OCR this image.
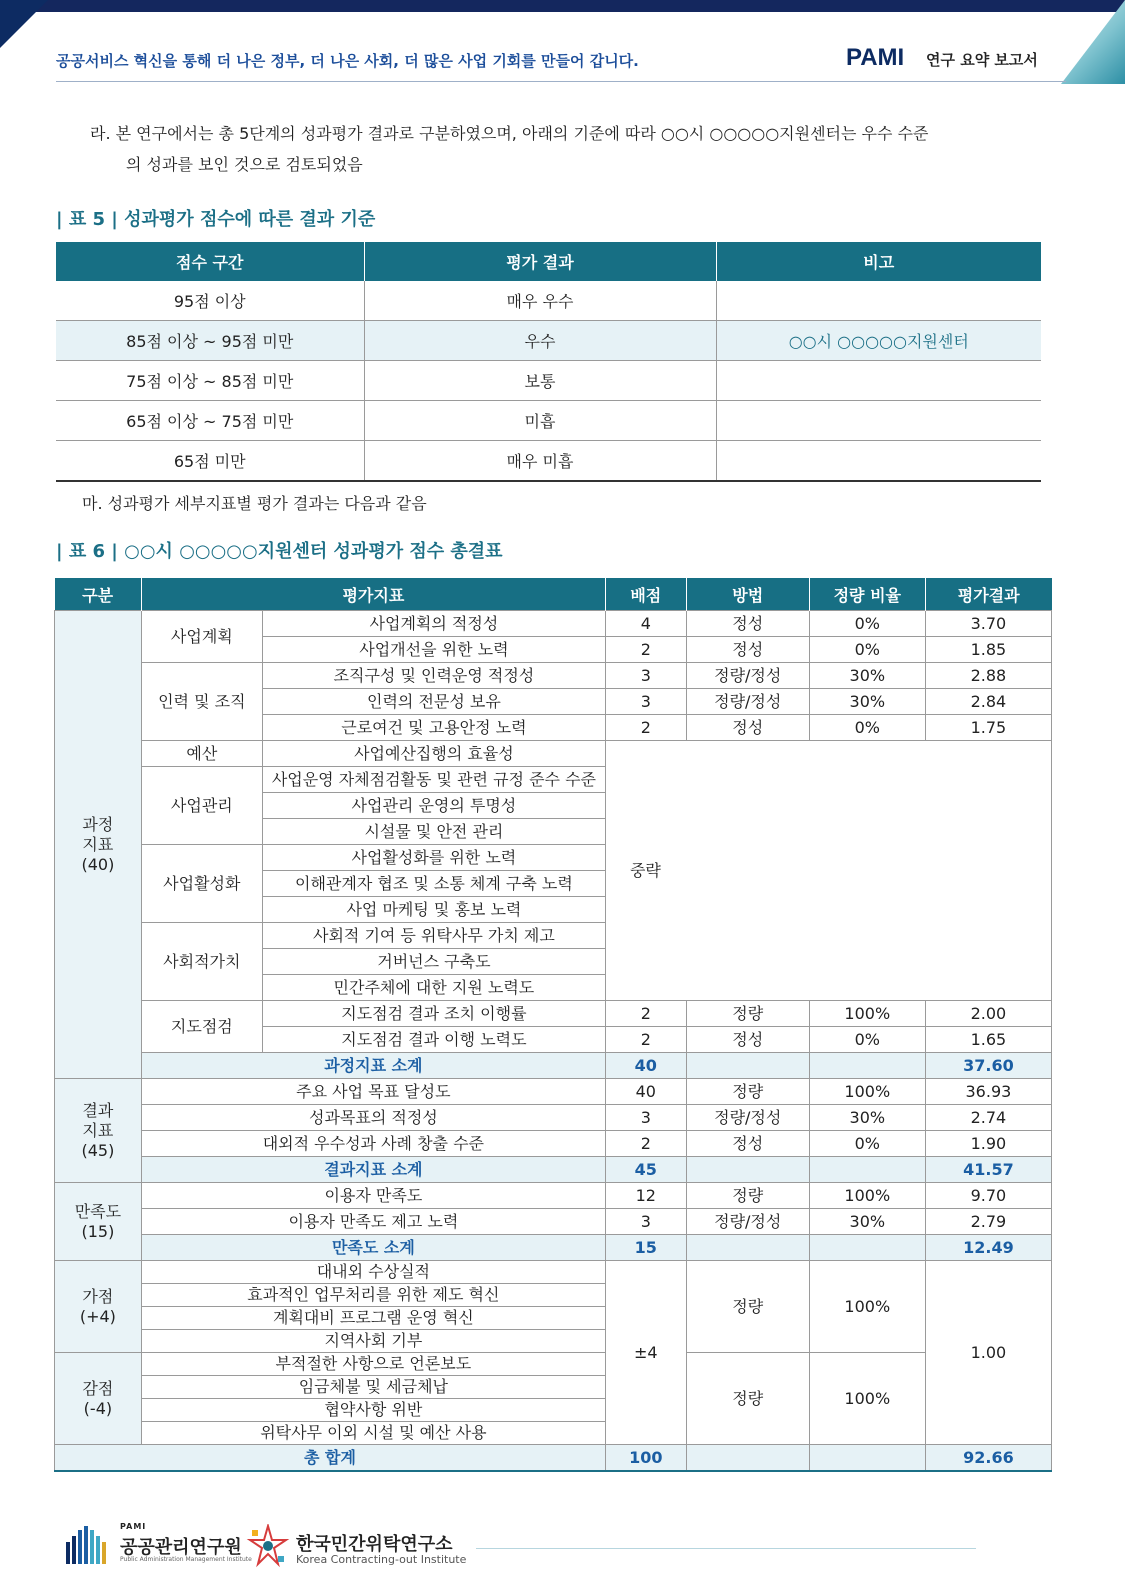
공공서비스 혁신을 통해 더 나은 정부, 더 나은 사회, 더 많은 사업 기회를 만들어 갑니다.	PAMI 연구 요약 보고서
라. 본 연구에서는 총 5단계의 성과평가 결과로 구분하였으며, 아래의 기준에 따라 ○○시 ○○○○○지원센터는 우수 수준
의 성과를 보인 것으로 검토되었음
| 표 5 | 성과평가 점수에 따른 결과 기준
점수 구간	평가 결과	비고
95점 이상	매우 우수	
85점 이상 ~ 95점 미만	우수	○○시 ○○○○○지원센터
75점 이상 ~ 85점 미만	보통	
65점 이상 ~ 75점 미만	미흡	
65점 미만	매우 미흡	
마. 성과평가 세부지표별 평가 결과는 다음과 같음
| 표 6 | ○○시 ○○○○○지원센터 성과평가 점수 총결표
구분	평가지표		배점	방법	정량 비율	평가결과

과정
지표
(40)	사업계획	사업계획의 적정성	4	정성	0%	3.70
		사업개선을 위한 노력	2	정성	0%	1.85
	인력 및 조직	조직구성 및 인력운영 적정성	3	정량/정성	30%	2.88
		인력의 전문성 보유	3	정량/정성	30%	2.84
		근로여건 및 고용안정 노력	2	정성	0%	1.75
	예산	사업예산집행의 효율성	중략			
	사업관리	사업운영 자체점검활동 및 관련 규정 준수 수준				
		사업관리 운영의 투명성				
		시설물 및 안전 관리				
	사업활성화	사업활성화를 위한 노력				
		이해관계자 협조 및 소통 체계 구축 노력				
		사업 마케팅 및 홍보 노력				
	사회적가치	사회적 기여 등 위탁사무 가치 제고				
		거버넌스 구축도				
		민간주체에 대한 지원 노력도				
	지도점검	지도점검 결과 조치 이행률	2	정량	100%	2.00
		지도점검 결과 이행 노력도	2	정성	0%	1.65
	과정지표 소계		40			37.60

결과
지표
(45)	주요 사업 목표 달성도		40	정량	100%	36.93
	성과목표의 적정성		3	정량/정성	30%	2.74
	대외적 우수성과 사례 창출 수준		2	정성	0%	1.90
	결과지표 소계		45			41.57

만족도
(15)	이용자 만족도		12	정량	100%	9.70
	이용자 만족도 제고 노력		3	정량/정성	30%	2.79
	만족도 소계		15			12.49

가점
(+4)	대내외 수상실적		±4	정량	100%	1.00
	효과적인 업무처리를 위한 제도 혁신					
	계획대비 프로그램 운영 혁신					
	지역사회 기부					

감점
(-4)	부적절한 사항으로 언론보도			정량	100%	
	임금체불 및 세금체납					
	협약사항 위반					
	위탁사무 이외 시설 및 예산 사용					
총 합계			100			92.66
PAMI
공공관리연구원
Public Administration Management Institute
한국민간위탁연구소
Korea Contracting-out Institute
